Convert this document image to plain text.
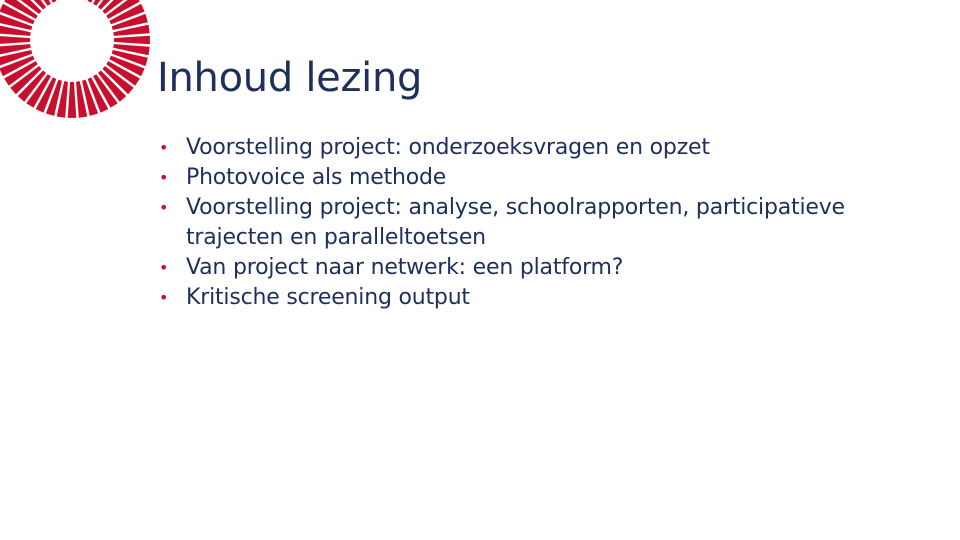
Inhoud lezing
• Voorstelling project: onderzoeksvragen en opzet
• Photovoice als methode
• Voorstelling project: analyse, schoolrapporten, participatieve trajecten en paralleltoetsen
• Van project naar netwerk: een platform?
• Kritische screening output
